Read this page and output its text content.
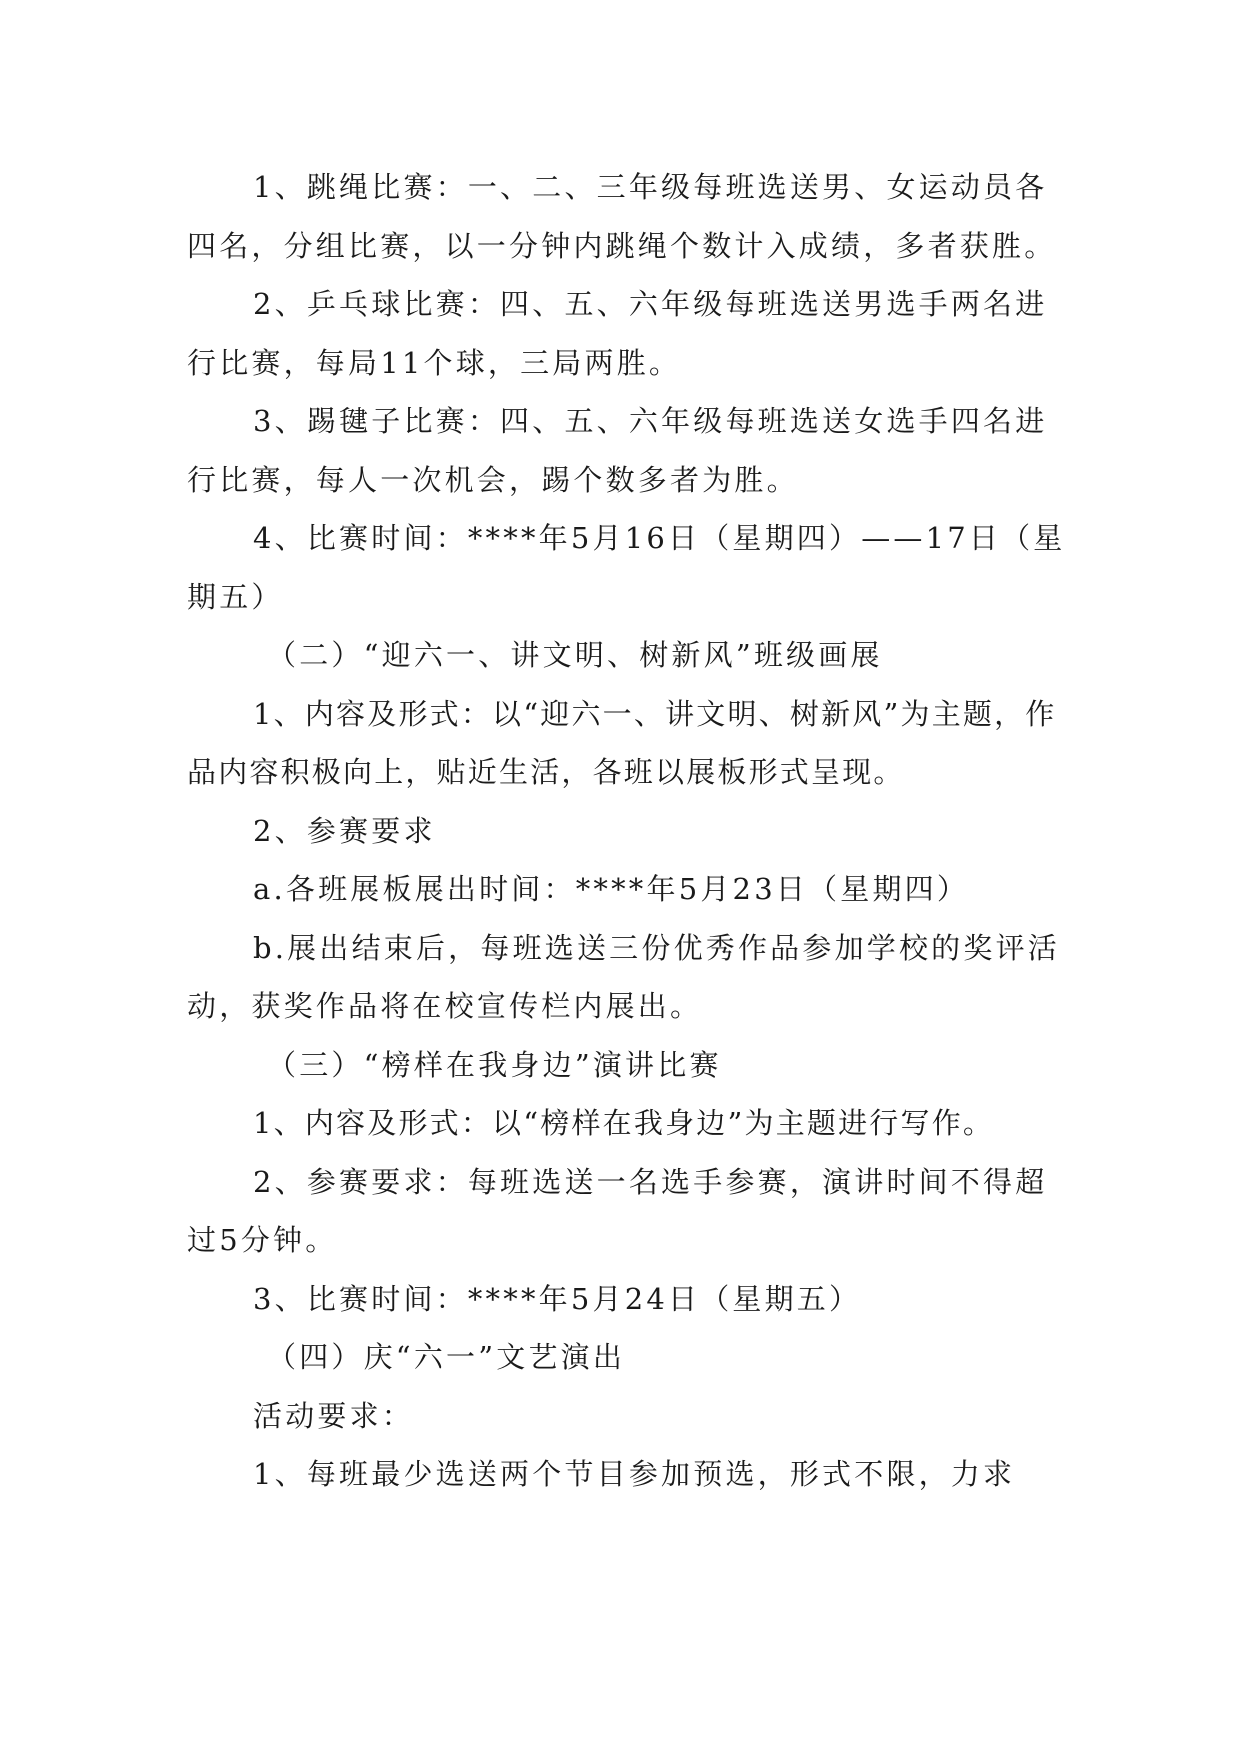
1、跳绳比赛：一、二、三年级每班选送男、女运动员各四名，分组比赛，以一分钟内跳绳个数计入成绩，多者获胜。

2、乒乓球比赛：四、五、六年级每班选送男选手两名进行比赛，每局11个球，三局两胜。

3、踢毽子比赛：四、五、六年级每班选送女选手四名进行比赛，每人一次机会，踢个数多者为胜。

4、比赛时间：****年5月16日（星期四）——17日（星期五）

（二）“迎六一、讲文明、树新风”班级画展

1、内容及形式：以“迎六一、讲文明、树新风”为主题，作品内容积极向上，贴近生活，各班以展板形式呈现。

2、参赛要求

a.各班展板展出时间：****年5月23日（星期四）

b.展出结束后，每班选送三份优秀作品参加学校的奖评活动，获奖作品将在校宣传栏内展出。

（三）“榜样在我身边”演讲比赛

1、内容及形式：以“榜样在我身边”为主题进行写作。

2、参赛要求：每班选送一名选手参赛，演讲时间不得超过5分钟。

3、比赛时间：****年5月24日（星期五）

（四）庆“六一”文艺演出

活动要求：

1、每班最少选送两个节目参加预选，形式不限，力求
